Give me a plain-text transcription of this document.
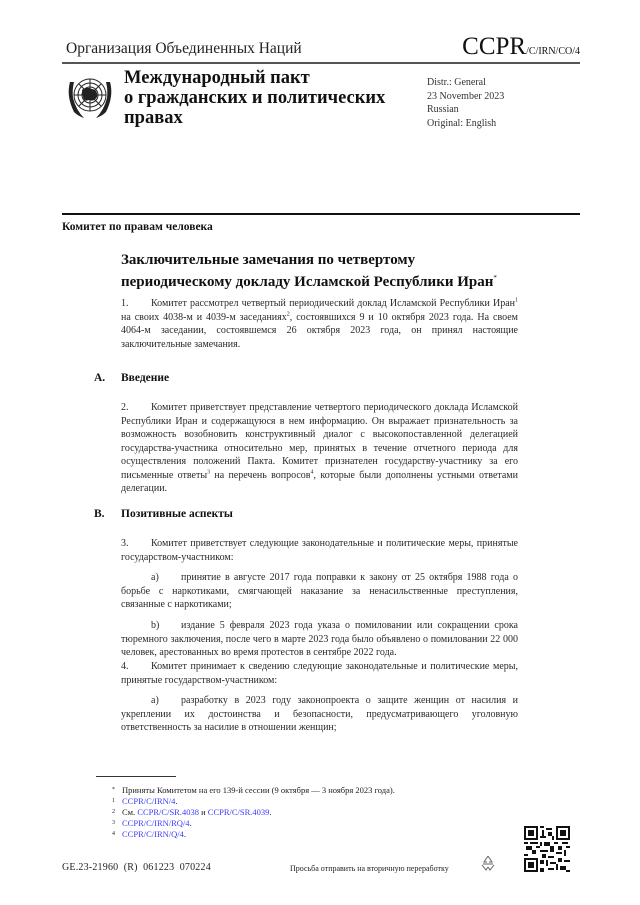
Организация Объединенных Наций	CCPR/C/IRN/CO/4
Международный пакт
о гражданских и политических
правах
Distr.: General
23 November 2023
Russian
Original: English
Комитет по правам человека
Заключительные замечания по четвертому
периодическому докладу Исламской Республики Иран*
1. Комитет рассмотрел четвертый периодический доклад Исламской Республики Иран$^1$ на своих 4038-м и 4039-м заседаниях$^2$, состоявшихся 9 и 10 октября 2023 года. На своем 4064-м заседании, состоявшемся 26 октября 2023 года, он принял настоящие заключительные замечания.
A. Введение
2. Комитет приветствует представление четвертого периодического доклада Исламской Республики Иран и содержащуюся в нем информацию. Он выражает признательность за возможность возобновить конструктивный диалог с высокопоставленной делегацией государства-участника относительно мер, принятых в течение отчетного периода для осуществления положений Пакта. Комитет признателен государству-участнику за его письменные ответы$^3$ на перечень вопросов$^4$, которые были дополнены устными ответами делегации.
B. Позитивные аспекты
3. Комитет приветствует следующие законодательные и политические меры, принятые государством-участником:
a) принятие в августе 2017 года поправки к закону от 25 октября 1988 года о борьбе с наркотиками, смягчающей наказание за ненасильственные преступления, связанные с наркотиками;
b) издание 5 февраля 2023 года указа о помиловании или сокращении срока тюремного заключения, после чего в марте 2023 года было объявлено о помиловании 22 000 человек, арестованных во время протестов в сентябре 2022 года.
4. Комитет принимает к сведению следующие законодательные и политические меры, принятые государством-участником:
a) разработку в 2023 году законопроекта о защите женщин от насилия и укреплении их достоинства и безопасности, предусматривающего уголовную ответственность за насилие в отношении женщин;
* Приняты Комитетом на его 139-й сессии (9 октября — 3 ноября 2023 года).
1 CCPR/C/IRN/4.
2 См. CCPR/C/SR.4038 и CCPR/C/SR.4039.
3 CCPR/C/IRN/RQ/4.
4 CCPR/C/IRN/Q/4.
GE.23-21960  (R)  061223  070224	Просьба отправить на вторичную переработку
